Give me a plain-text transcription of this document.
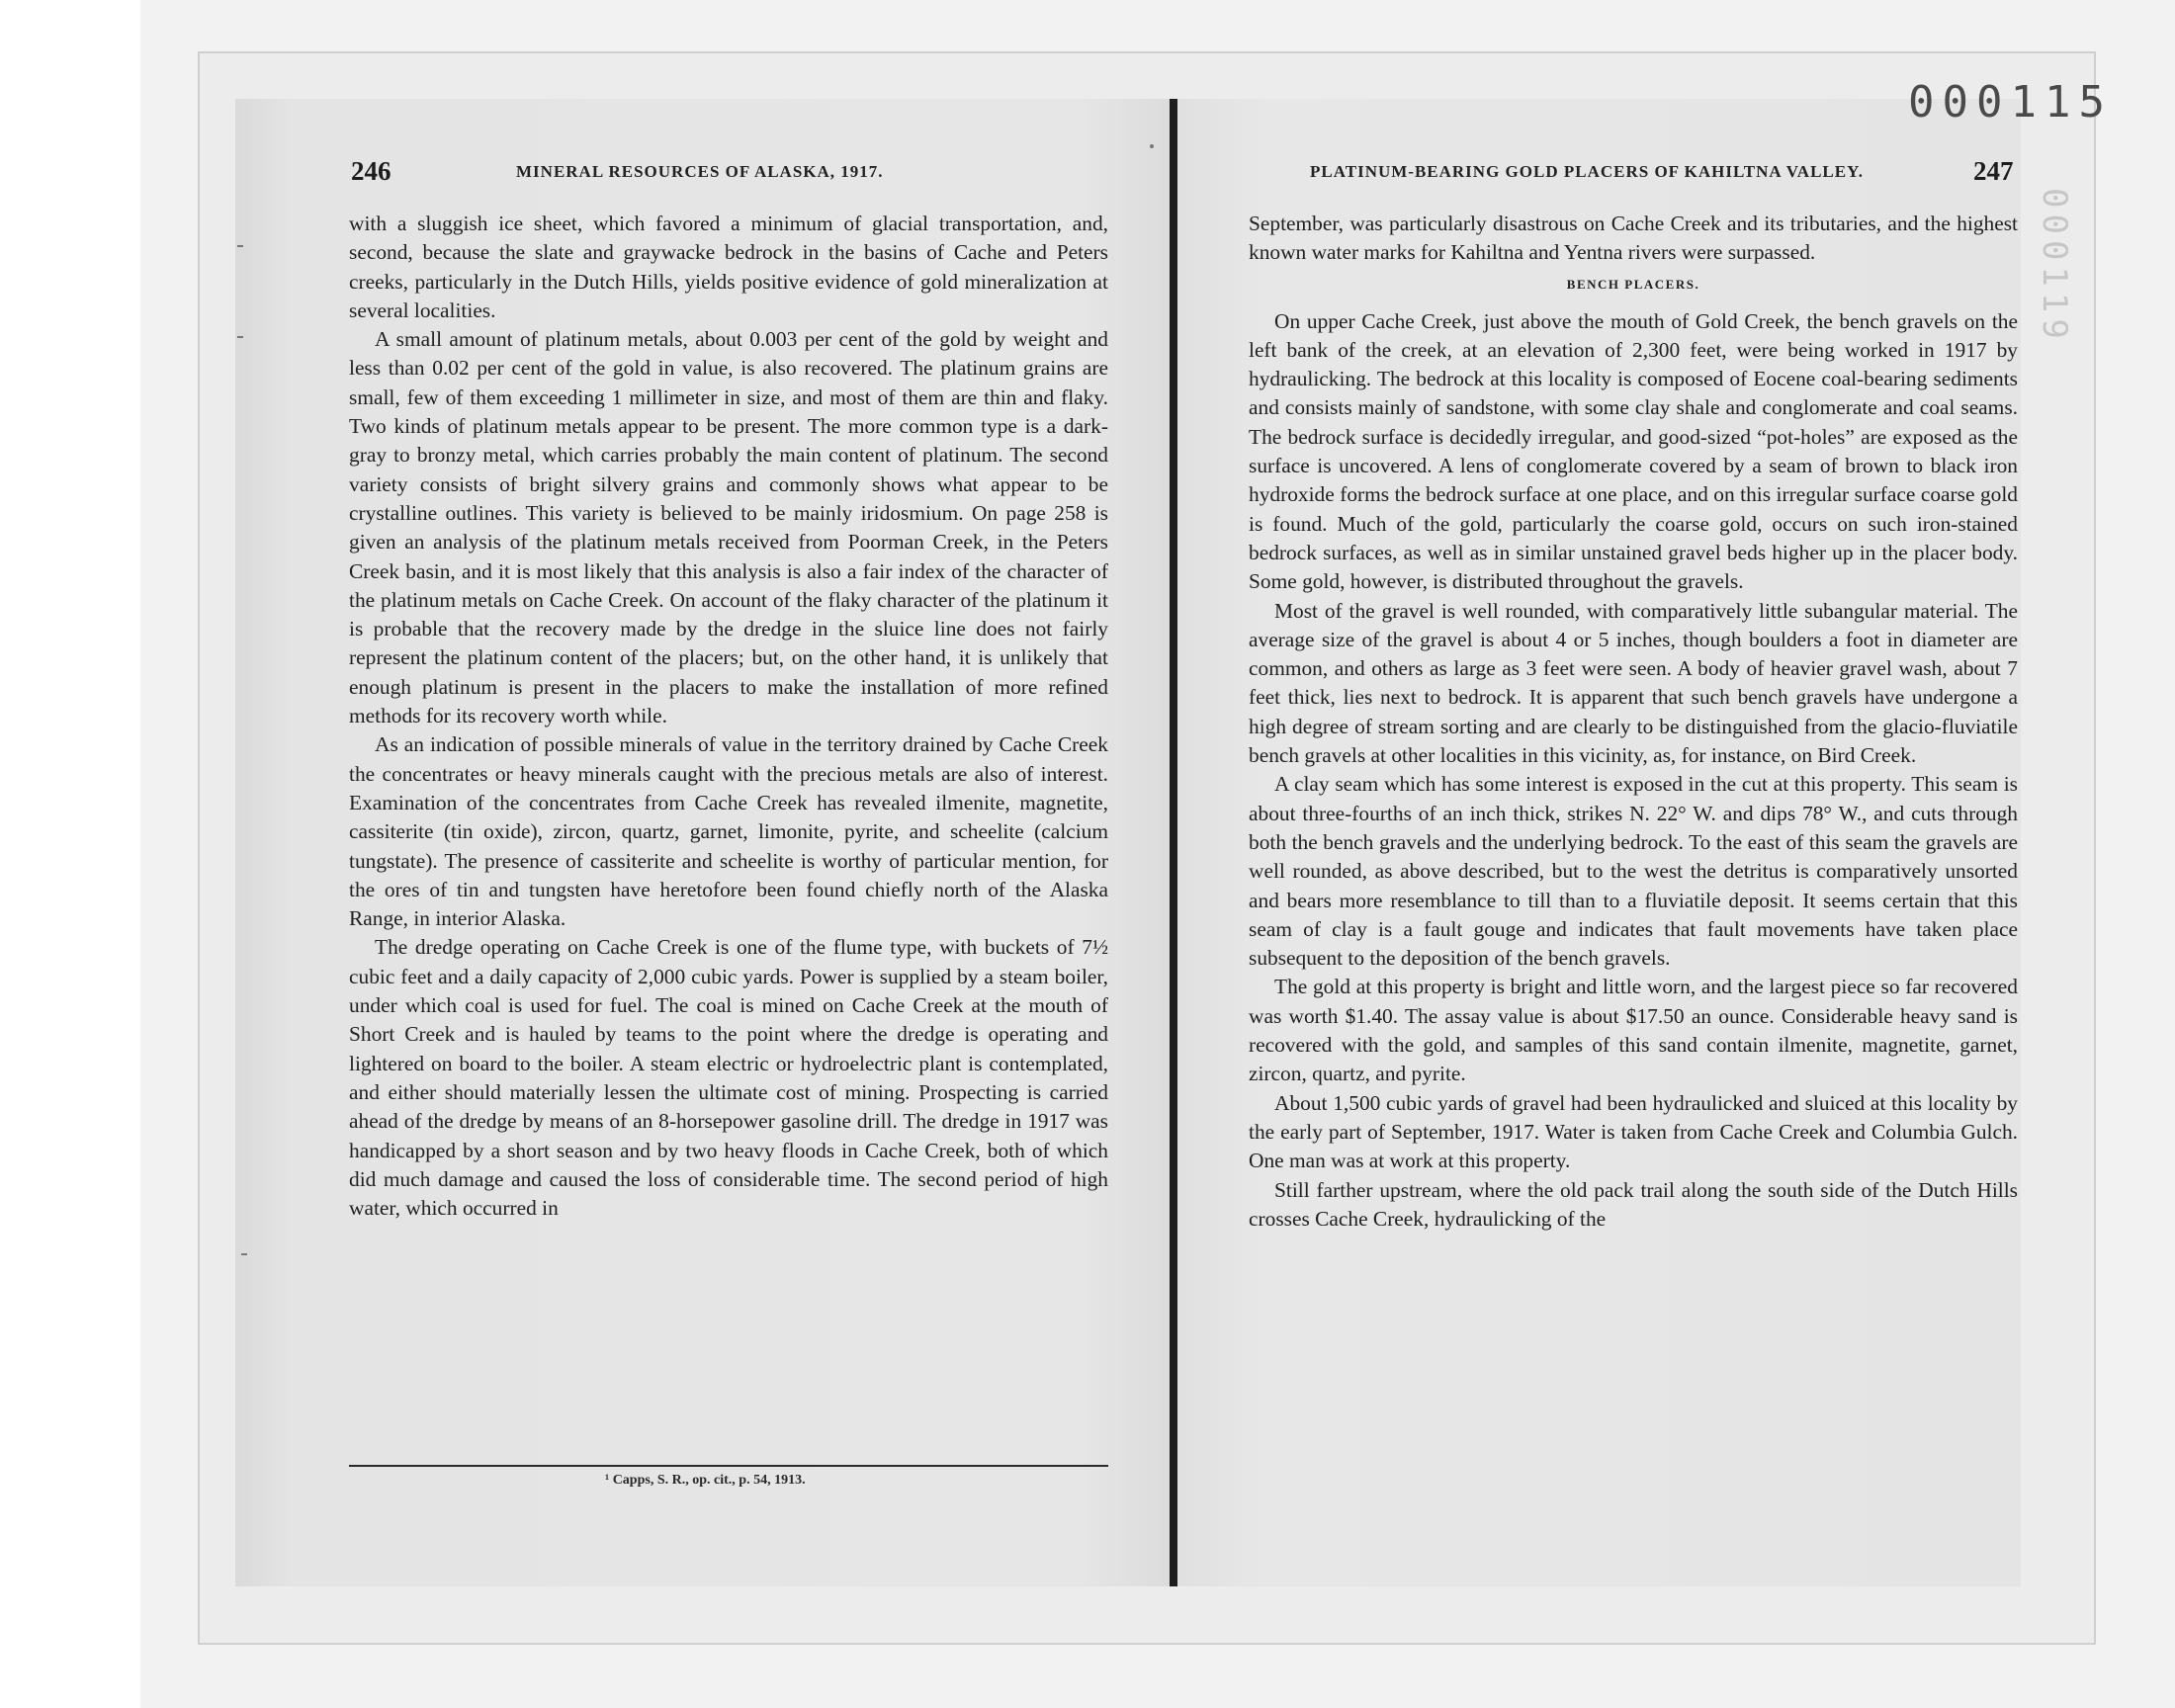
000115
000119
246	MINERAL RESOURCES OF ALASKA, 1917.	PLATINUM-BEARING GOLD PLACERS OF KAHILTNA VALLEY.	247

with a sluggish ice sheet, which favored a minimum of glacial transportation, and, second, because the slate and graywacke bedrock in the basins of Cache and Peters creeks, particularly in the Dutch Hills, yields positive evidence of gold mineralization at several localities.

A small amount of platinum metals, about 0.003 per cent of the gold by weight and less than 0.02 per cent of the gold in value, is also recovered. The platinum grains are small, few of them exceeding 1 millimeter in size, and most of them are thin and flaky. Two kinds of platinum metals appear to be present. The more common type is a dark-gray to bronzy metal, which carries probably the main content of platinum. The second variety consists of bright silvery grains and commonly shows what appear to be crystalline outlines. This variety is believed to be mainly iridosmium. On page 258 is given an analysis of the platinum metals received from Poorman Creek, in the Peters Creek basin, and it is most likely that this analysis is also a fair index of the character of the platinum metals on Cache Creek. On account of the flaky character of the platinum it is probable that the recovery made by the dredge in the sluice line does not fairly represent the platinum content of the placers; but, on the other hand, it is unlikely that enough platinum is present in the placers to make the installation of more refined methods for its recovery worth while.

As an indication of possible minerals of value in the territory drained by Cache Creek the concentrates or heavy minerals caught with the precious metals are also of interest. Examination of the concentrates from Cache Creek has revealed ilmenite, magnetite, cassiterite (tin oxide), zircon, quartz, garnet, limonite, pyrite, and scheelite (calcium tungstate). The presence of cassiterite and scheelite is worthy of particular mention, for the ores of tin and tungsten have heretofore been found chiefly north of the Alaska Range, in interior Alaska.

The dredge operating on Cache Creek is one of the flume type, with buckets of 7½ cubic feet and a daily capacity of 2,000 cubic yards. Power is supplied by a steam boiler, under which coal is used for fuel. The coal is mined on Cache Creek at the mouth of Short Creek and is hauled by teams to the point where the dredge is operating and lightered on board to the boiler. A steam electric or hydroelectric plant is contemplated, and either should materially lessen the ultimate cost of mining. Prospecting is carried ahead of the dredge by means of an 8-horsepower gasoline drill. The dredge in 1917 was handicapped by a short season and by two heavy floods in Cache Creek, both of which did much damage and caused the loss of considerable time. The second period of high water, which occurred in

¹ Capps, S. R., op. cit., p. 54, 1913.

September, was particularly disastrous on Cache Creek and its tributaries, and the highest known water marks for Kahiltna and Yentna rivers were surpassed.

BENCH PLACERS.

On upper Cache Creek, just above the mouth of Gold Creek, the bench gravels on the left bank of the creek, at an elevation of 2,300 feet, were being worked in 1917 by hydraulicking. The bedrock at this locality is composed of Eocene coal-bearing sediments and consists mainly of sandstone, with some clay shale and conglomerate and coal seams. The bedrock surface is decidedly irregular, and good-sized “pot-holes” are exposed as the surface is uncovered. A lens of conglomerate covered by a seam of brown to black iron hydroxide forms the bedrock surface at one place, and on this irregular surface coarse gold is found. Much of the gold, particularly the coarse gold, occurs on such iron-stained bedrock surfaces, as well as in similar unstained gravel beds higher up in the placer body. Some gold, however, is distributed throughout the gravels.

Most of the gravel is well rounded, with comparatively little subangular material. The average size of the gravel is about 4 or 5 inches, though boulders a foot in diameter are common, and others as large as 3 feet were seen. A body of heavier gravel wash, about 7 feet thick, lies next to bedrock. It is apparent that such bench gravels have undergone a high degree of stream sorting and are clearly to be distinguished from the glacio-fluviatile bench gravels at other localities in this vicinity, as, for instance, on Bird Creek.

A clay seam which has some interest is exposed in the cut at this property. This seam is about three-fourths of an inch thick, strikes N. 22° W. and dips 78° W., and cuts through both the bench gravels and the underlying bedrock. To the east of this seam the gravels are well rounded, as above described, but to the west the detritus is comparatively unsorted and bears more resemblance to till than to a fluviatile deposit. It seems certain that this seam of clay is a fault gouge and indicates that fault movements have taken place subsequent to the deposition of the bench gravels.

The gold at this property is bright and little worn, and the largest piece so far recovered was worth $1.40. The assay value is about $17.50 an ounce. Considerable heavy sand is recovered with the gold, and samples of this sand contain ilmenite, magnetite, garnet, zircon, quartz, and pyrite.

About 1,500 cubic yards of gravel had been hydraulicked and sluiced at this locality by the early part of September, 1917. Water is taken from Cache Creek and Columbia Gulch. One man was at work at this property.

Still farther upstream, where the old pack trail along the south side of the Dutch Hills crosses Cache Creek, hydraulicking of the
